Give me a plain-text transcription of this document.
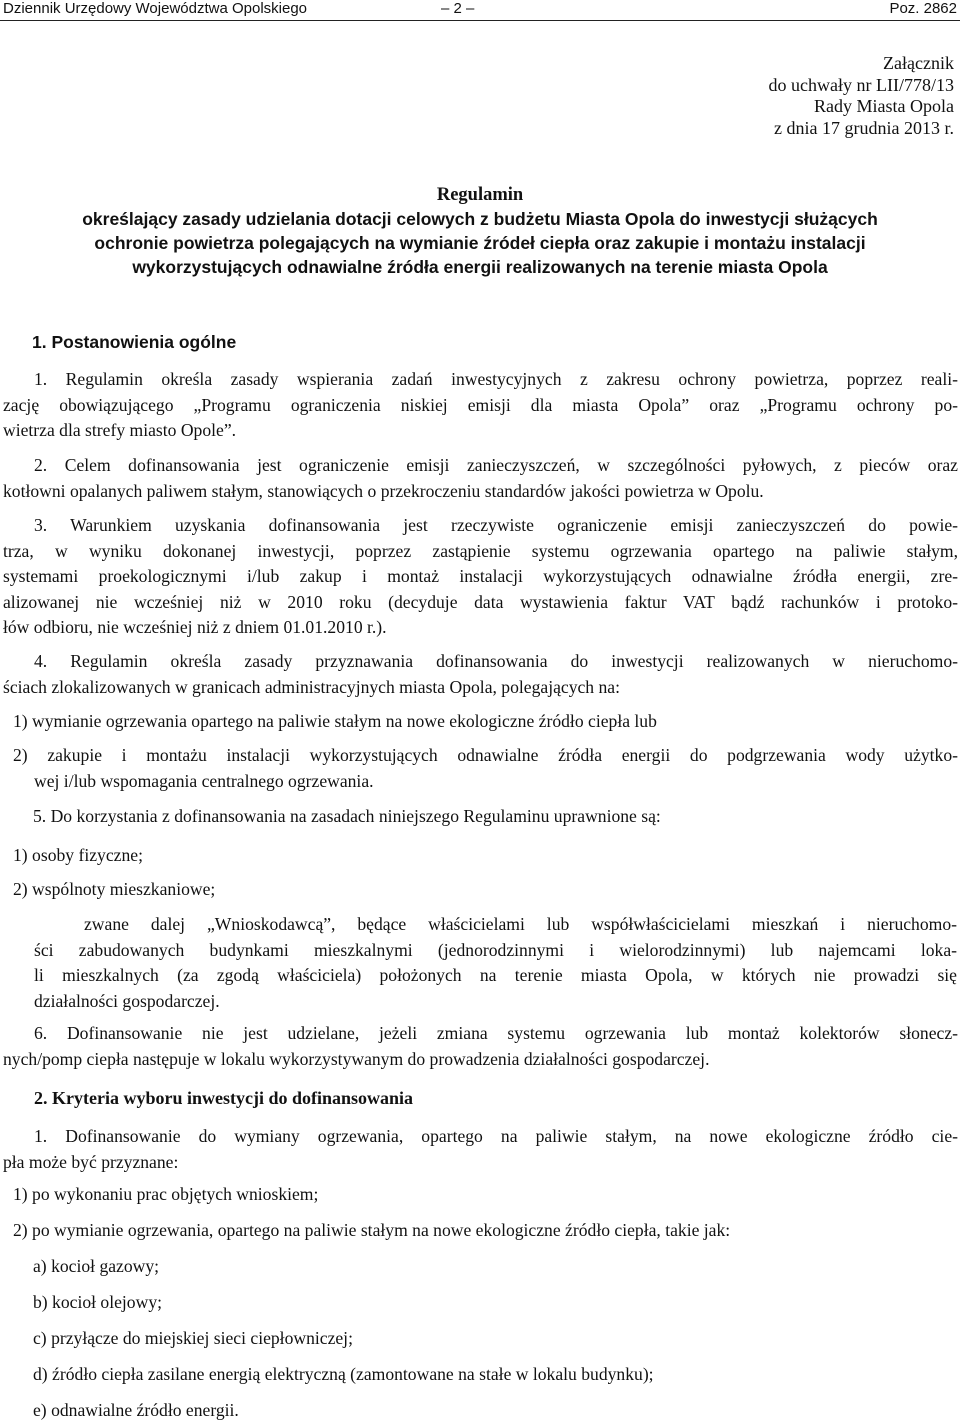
Dziennik Urzędowy Województwa Opolskiego	– 2 –	Poz. 2862
Załącznik
do uchwały nr LII/778/13
Rady Miasta Opola
z dnia 17 grudnia 2013 r.
Regulamin
określający zasady udzielania dotacji celowych z budżetu Miasta Opola do inwestycji służących
ochronie powietrza polegających na wymianie źródeł ciepła oraz zakupie i montażu instalacji
wykorzystujących odnawialne źródła energii realizowanych na terenie miasta Opola
1. Postanowienia ogólne
1. Regulamin określa zasady wspierania zadań inwestycyjnych z zakresu ochrony powietrza, poprzez reali-
zację obowiązującego „Programu ograniczenia niskiej emisji dla miasta Opola” oraz „Programu ochrony po-
wietrza dla strefy miasto Opole”.
2. Celem dofinansowania jest ograniczenie emisji zanieczyszczeń, w szczególności pyłowych, z pieców oraz
kotłowni opalanych paliwem stałym, stanowiących o przekroczeniu standardów jakości powietrza w Opolu.
3. Warunkiem uzyskania dofinansowania jest rzeczywiste ograniczenie emisji zanieczyszczeń do powie-
trza, w wyniku dokonanej inwestycji, poprzez zastąpienie systemu ogrzewania opartego na paliwie stałym,
systemami proekologicznymi i/lub zakup i montaż instalacji wykorzystujących odnawialne źródła energii, zre-
alizowanej nie wcześniej niż w 2010 roku (decyduje data wystawienia faktur VAT bądź rachunków i protoko-
łów odbioru, nie wcześniej niż z dniem 01.01.2010 r.).
4. Regulamin określa zasady przyznawania dofinansowania do inwestycji realizowanych w nieruchomo-
ściach zlokalizowanych w granicach administracyjnych miasta Opola, polegających na:
1) wymianie ogrzewania opartego na paliwie stałym na nowe ekologiczne źródło ciepła lub
2) zakupie i montażu instalacji wykorzystujących odnawialne źródła energii do podgrzewania wody użytko-
wej i/lub wspomagania centralnego ogrzewania.
5. Do korzystania z dofinansowania na zasadach niniejszego Regulaminu uprawnione są:
1) osoby fizyczne;
2) wspólnoty mieszkaniowe;
zwane dalej „Wnioskodawcą”, będące właścicielami lub współwłaścicielami mieszkań i nieruchomo-
ści zabudowanych budynkami mieszkalnymi (jednorodzinnymi i wielorodzinnymi) lub najemcami loka-
li mieszkalnych (za zgodą właściciela) położonych na terenie miasta Opola, w których nie prowadzi się
działalności gospodarczej.
6. Dofinansowanie nie jest udzielane, jeżeli zmiana systemu ogrzewania lub montaż kolektorów słonecz-
nych/pomp ciepła następuje w lokalu wykorzystywanym do prowadzenia działalności gospodarczej.
2. Kryteria wyboru inwestycji do dofinansowania
1. Dofinansowanie do wymiany ogrzewania, opartego na paliwie stałym, na nowe ekologiczne źródło cie-
pła może być przyznane:
1) po wykonaniu prac objętych wnioskiem;
2) po wymianie ogrzewania, opartego na paliwie stałym na nowe ekologiczne źródło ciepła, takie jak:
a) kocioł gazowy;
b) kocioł olejowy;
c) przyłącze do miejskiej sieci ciepłowniczej;
d) źródło ciepła zasilane energią elektryczną (zamontowane na stałe w lokalu budynku);
e) odnawialne źródło energii.
